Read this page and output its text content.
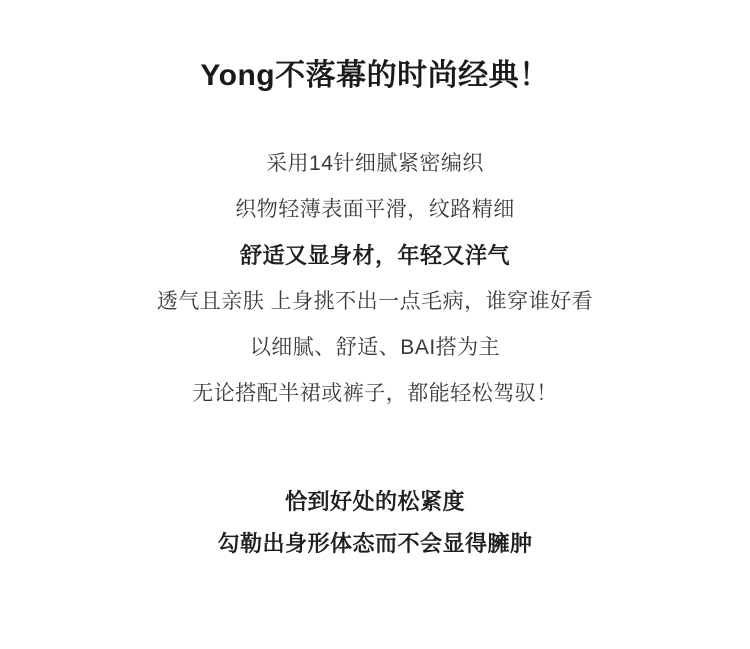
Yong不落幕的时尚经典！
采用14针细腻紧密编织
织物轻薄表面平滑，纹路精细
舒适又显身材，年轻又洋气
透气且亲肤 上身挑不出一点毛病，谁穿谁好看
以细腻、舒适、BAI搭为主
无论搭配半裙或裤子，都能轻松驾驭！
恰到好处的松紧度
勾勒出身形体态而不会显得臃肿
